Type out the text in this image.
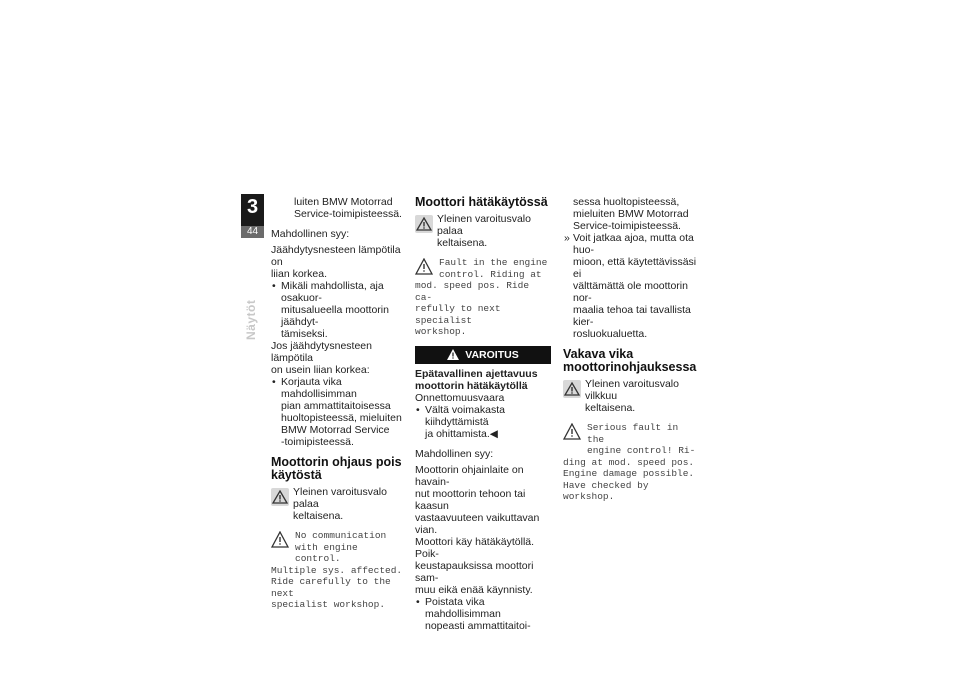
3
44
Näytöt

luiten BMW Motorrad

Service-toimipisteessä.

Mahdollinen syy:

Jäähdytysnesteen lämpötila on

liian korkea.

• Mikäli mahdollista, aja osakuor-

mitusalueella moottorin jäähdyt-

tämiseksi.

Jos jäähdytysnesteen lämpötila

on usein liian korkea:

• Korjauta vika mahdollisimman

pian ammattitaitoisessa

huoltopisteessä, mieluiten

BMW Motorrad Service

-toimipisteessä.

Moottorin ohjaus pois
käytöstä

Yleinen varoitusvalo palaa

keltaisena.

No communication
with engine control.
Multiple sys. affected.
Ride carefully to the next
specialist workshop.
Moottori hätäkäytössä

Yleinen varoitusvalo palaa

keltaisena.

Fault in the engine
control. Riding at
mod. speed pos. Ride ca-
refully to next specialist
workshop.
VAROITUS

Epätavallinen ajettavuus
moottorin hätäkäytöllä

Onnettomuusvaara

• Vältä voimakasta kiihdyttämistä

ja ohittamista.◀

Mahdollinen syy:

Moottorin ohjainlaite on havain-

nut moottorin tehoon tai kaasun

vastaavuuteen vaikuttavan vian.

Moottori käy hätäkäytöllä. Poik-

keustapauksissa moottori sam-

muu eikä enää käynnisty.

• Poistata vika mahdollisimman

nopeasti ammattitaitoi-

sessa huoltopisteessä,

mieluiten BMW Motorrad

Service-toimipisteessä.

» Voit jatkaa ajoa, mutta ota huo-

mioon, että käytettävissäsi ei

välttämättä ole moottorin nor-

maalia tehoa tai tavallista kier-

rosluokualuetta.

Vakava vika
moottorinohjauksessa

Yleinen varoitusvalo vilkkuu

keltaisena.

Serious fault in the
engine control! Ri-
ding at mod. speed pos.
Engine damage possible.
Have checked by workshop.
